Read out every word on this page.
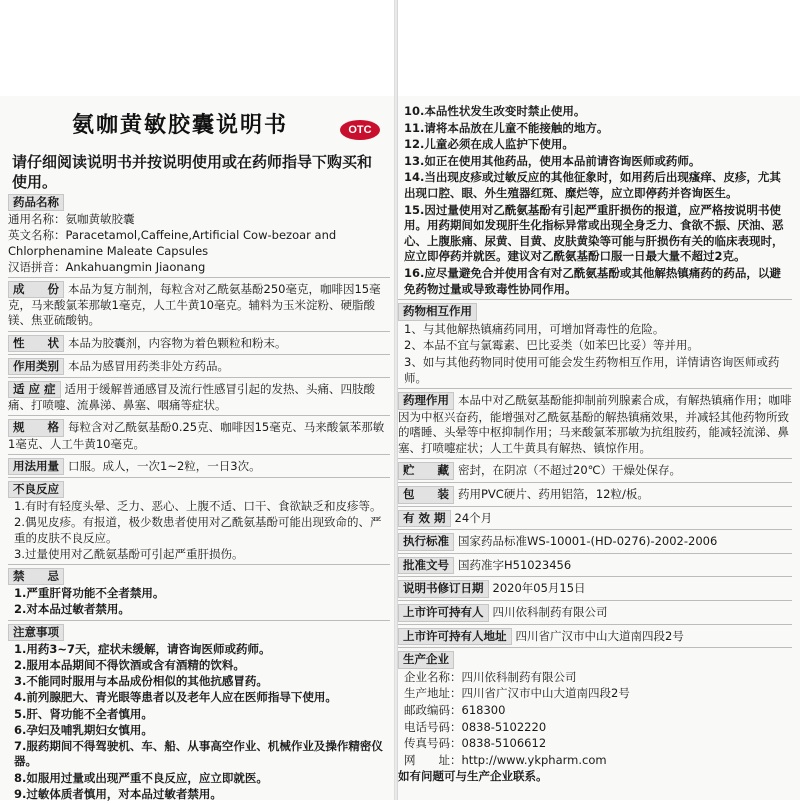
氨咖黄敏胶囊说明书	OTC
请仔细阅读说明书并按说明使用或在药师指导下购买和使用。
药品名称
通用名称：氨咖黄敏胶囊
英文名称：Paracetamol,Caffeine,Artificial Cow-bezoar and Chlorphenamine Maleate Capsules
汉语拼音：Ankahuangmin Jiaonang
成　　份 本品为复方制剂，每粒含对乙酰氨基酚250毫克，咖啡因15毫克，马来酸氯苯那敏1毫克，人工牛黄10毫克。辅料为玉米淀粉、硬脂酸镁、焦亚硫酸钠。
性　　状 本品为胶囊剂，内容物为着色颗粒和粉末。
作用类别 本品为感冒用药类非处方药品。
适 应 症 适用于缓解普通感冒及流行性感冒引起的发热、头痛、四肢酸痛、打喷嚏、流鼻涕、鼻塞、咽痛等症状。
规　　格 每粒含对乙酰氨基酚0.25克、咖啡因15毫克、马来酸氯苯那敏1毫克、人工牛黄10毫克。
用法用量 口服。成人，一次1~2粒，一日3次。
不良反应
1.有时有轻度头晕、乏力、恶心、上腹不适、口干、食欲缺乏和皮疹等。
2.偶见皮疹。有报道，极少数患者使用对乙酰氨基酚可能出现致命的、严重的皮肤不良反应。
3.过量使用对乙酰氨基酚可引起严重肝损伤。
禁　　忌
1.严重肝肾功能不全者禁用。
2.对本品过敏者禁用。
注意事项
1.用药3~7天，症状未缓解，请咨询医师或药师。
2.服用本品期间不得饮酒或含有酒精的饮料。
3.不能同时服用与本品成份相似的其他抗感冒药。
4.前列腺肥大、青光眼等患者以及老年人应在医师指导下使用。
5.肝、肾功能不全者慎用。
6.孕妇及哺乳期妇女慎用。
7.服药期间不得驾驶机、车、船、从事高空作业、机械作业及操作精密仪器。
8.如服用过量或出现严重不良反应，应立即就医。
9.过敏体质者慎用，对本品过敏者禁用。
10.本品性状发生改变时禁止使用。
11.请将本品放在儿童不能接触的地方。
12.儿童必须在成人监护下使用。
13.如正在使用其他药品，使用本品前请咨询医师或药师。
14.当出现皮疹或过敏反应的其他征象时，如用药后出现瘙痒、皮疹，尤其出现口腔、眼、外生殖器红斑、糜烂等，应立即停药并咨询医生。
15.因过量使用对乙酰氨基酚有引起严重肝损伤的报道，应严格按说明书使用。用药期间如发现肝生化指标异常或出现全身乏力、食欲不振、厌油、恶心、上腹胀痛、尿黄、目黄、皮肤黄染等可能与肝损伤有关的临床表现时，应立即停药并就医。建议对乙酰氨基酚口服一日最大量不超过2克。
16.应尽量避免合并使用含有对乙酰氨基酚或其他解热镇痛药的药品，以避免药物过量或导致毒性协同作用。
药物相互作用
1、与其他解热镇痛药同用，可增加肾毒性的危险。
2、本品不宜与氯霉素、巴比妥类（如苯巴比妥）等并用。
3、如与其他药物同时使用可能会发生药物相互作用，详情请咨询医师或药师。
药理作用 本品中对乙酰氨基酚能抑制前列腺素合成，有解热镇痛作用；咖啡因为中枢兴奋药，能增强对乙酰氨基酚的解热镇痛效果，并减轻其他药物所致的嗜睡、头晕等中枢抑制作用；马来酸氯苯那敏为抗组胺药，能减轻流涕、鼻塞、打喷嚏症状；人工牛黄具有解热、镇惊作用。
贮　　藏 密封，在阴凉（不超过20℃）干燥处保存。
包　　装 药用PVC硬片、药用铝箔，12粒/板。
有 效 期 24个月
执行标准 国家药品标准WS-10001-(HD-0276)-2002-2006
批准文号 国药准字H51023456
说明书修订日期 2020年05月15日
上市许可持有人 四川依科制药有限公司
上市许可持有人地址 四川省广汉市中山大道南四段2号
生产企业
企业名称：四川依科制药有限公司
生产地址：四川省广汉市中山大道南四段2号
邮政编码：618300
电话号码：0838-5102220
传真号码：0838-5106612
网　　址：http://www.ykpharm.com
如有问题可与生产企业联系。
